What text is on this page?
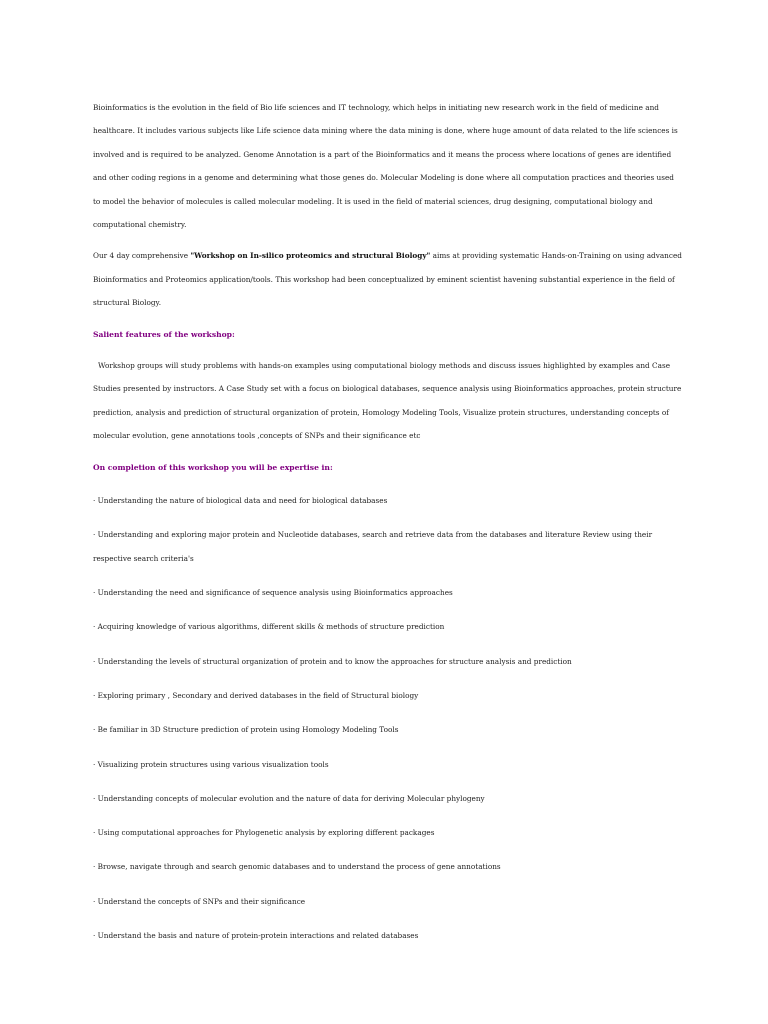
Bioinformatics is the evolution in the field of Bio life sciences and IT technology, which helps in initiating new research work in the field of medicine and healthcare. It includes various subjects like Life science data mining where the data mining is done, where huge amount of data related to the life sciences is involved and is required to be analyzed. Genome Annotation is a part of the Bioinformatics and it means the process where locations of genes are identified and other coding regions in a genome and determining what those genes do. Molecular Modeling is done where all computation practices and theories used to model the behavior of molecules is called molecular modeling. It is used in the field of material sciences, drug designing, computational biology and computational chemistry.

Our 4 day comprehensive "Workshop on In-silico proteomics and structural Biology" aims at providing systematic Hands-on-Training on using advanced Bioinformatics and Proteomics application/tools. This workshop had been conceptualized by eminent scientist havening substantial experience in the field of structural Biology.

Salient features of the workshop:

Workshop groups will study problems with hands-on examples using computational biology methods and discuss issues highlighted by examples and Case Studies presented by instructors. A Case Study set with a focus on biological databases, sequence analysis using Bioinformatics approaches, protein structure prediction, analysis and prediction of structural organization of protein, Homology Modeling Tools, Visualize protein structures, understanding concepts of molecular evolution, gene annotations tools ,concepts of SNPs and their significance etc

On completion of this workshop you will be expertise in:

· Understanding the nature of biological data and need for biological databases
· Understanding and exploring major protein and Nucleotide databases, search and retrieve data from the databases and literature Review using their respective search criteria's
· Understanding the need and significance of sequence analysis using Bioinformatics approaches
· Acquiring knowledge of various algorithms, different skills & methods of structure prediction
· Understanding the levels of structural organization of protein and to know the approaches for structure analysis and prediction
· Exploring primary , Secondary and derived databases in the field of Structural biology
· Be familiar in 3D Structure prediction of protein using Homology Modeling Tools
· Visualizing protein structures using various visualization tools
· Understanding concepts of molecular evolution and the nature of data for deriving Molecular phylogeny
· Using computational approaches for Phylogenetic analysis by exploring different packages
· Browse, navigate through and search genomic databases and to understand the process of gene annotations
· Understand the concepts of SNPs and their significance
· Understand the basis and nature of protein-protein interactions and related databases
